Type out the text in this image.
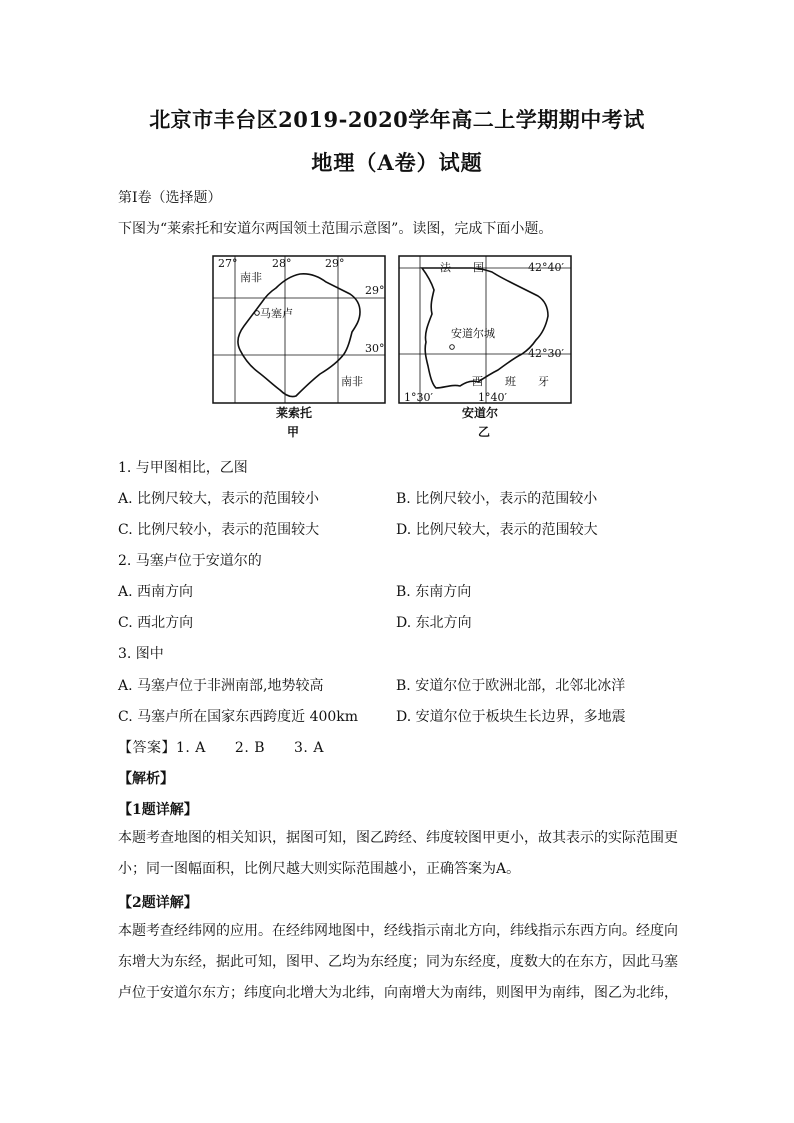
北京市丰台区2019-2020学年高二上学期期中考试
地理（A卷）试题
第Ⅰ卷（选择题）
下图为“莱索托和安道尔两国领土范围示意图”。读图，完成下面小题。
27°	28°	29°
29°
30°
南非
南非
马塞卢
莱索托
甲
法　　国	42°40′
42°30′
安道尔城
西　　班　　牙
1°30′	1°40′
安道尔
乙
1. 与甲图相比，乙图
A. 比例尺较大，表示的范围较小	B. 比例尺较小，表示的范围较小
C. 比例尺较小，表示的范围较大	D. 比例尺较大，表示的范围较大
2. 马塞卢位于安道尔的
A. 西南方向	B. 东南方向
C. 西北方向	D. 东北方向
3. 图中
A. 马塞卢位于非洲南部,地势较高	B. 安道尔位于欧洲北部，北邻北冰洋
C. 马塞卢所在国家东西跨度近 400km	D. 安道尔位于板块生长边界，多地震
【答案】1. A　　2. B　　3. A
【解析】
【1题详解】
本题考查地图的相关知识，据图可知，图乙跨经、纬度较图甲更小，故其表示的实际范围更小；同一图幅面积，比例尺越大则实际范围越小，正确答案为A。
【2题详解】
本题考查经纬网的应用。在经纬网地图中，经线指示南北方向，纬线指示东西方向。经度向东增大为东经，据此可知，图甲、乙均为东经度；同为东经度，度数大的在东方，因此马塞卢位于安道尔东方；纬度向北增大为北纬，向南增大为南纬，则图甲为南纬，图乙为北纬，
